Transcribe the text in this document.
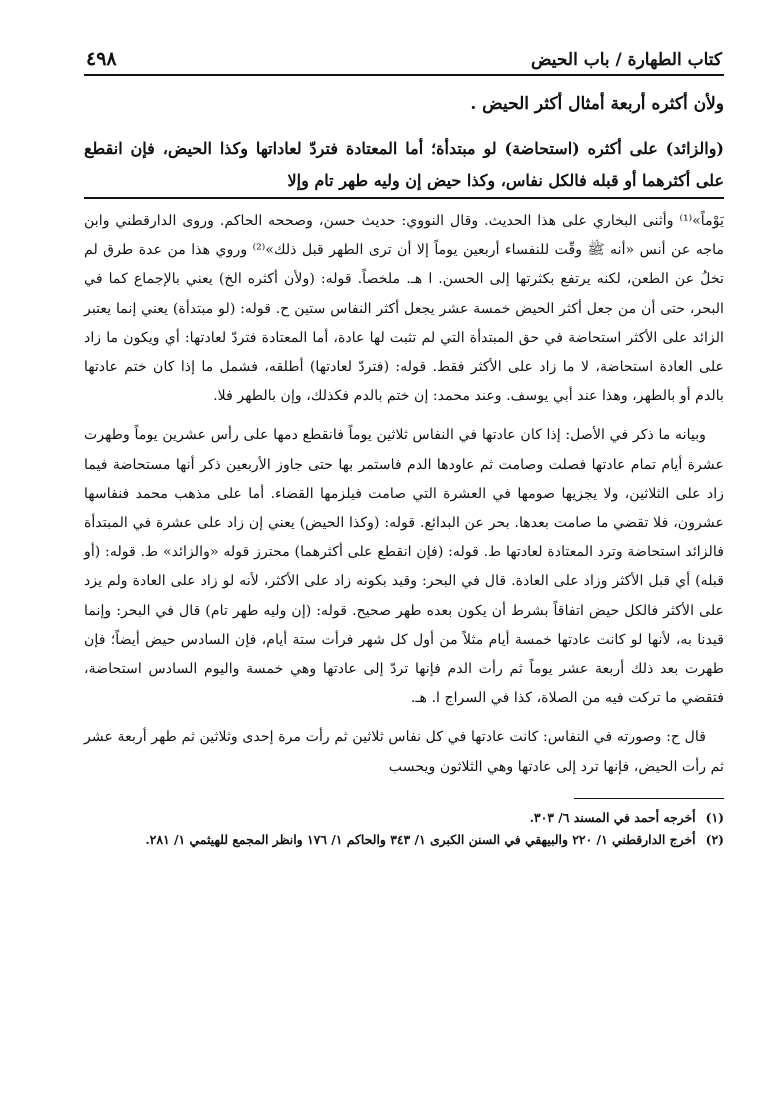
كتاب الطهارة / باب الحيض
٤٩٨
ولأن أكثره أربعة أمثال أكثر الحيض .
(والزائد) على أكثره (استحاضة) لو مبتدأة؛ أما المعتادة فتردّ لعاداتها وكذا الحيض، فإن انقطع على أكثرهما أو قبله فالكل نفاس، وكذا حيض إن وليه طهر تام وإلا

يَوْماً»⁽¹⁾ وأثنى البخاري على هذا الحديث. وقال النووي: حديث حسن، وصححه الحاكم. وروى الدارقطني وابن ماجه عن أنس «أنه ﷺ وقّت للنفساء أربعين يوماً إلا أن ترى الطهر قبل ذلك»⁽²⁾ وروي هذا من عدة طرق لم تخلُ عن الطعن، لكنه يرتفع بكثرتها إلى الحسن. ا هـ. ملخصاً. قوله: (ولأن أكثره الخ) يعني بالإجماع كما في البحر، حتى أن من جعل أكثر الحيض خمسة عشر يجعل أكثر النفاس ستين ح. قوله: (لو مبتدأة) يعني إنما يعتبر الزائد على الأكثر استحاضة في حق المبتدأة التي لم تثبت لها عادة، أما المعتادة فتردّ لعادتها: أي ويكون ما زاد على العادة استحاضة، لا ما زاد على الأكثر فقط. قوله: (فتردّ لعادتها) أطلقه، فشمل ما إذا كان ختم عادتها بالدم أو بالطهر، وهذا عند أبي يوسف. وعند محمد: إن ختم بالدم فكذلك، وإن بالطهر فلا.

وبيانه ما ذكر في الأصل: إذا كان عادتها في النفاس ثلاثين يوماً فانقطع دمها على رأس عشرين يوماً وطهرت عشرة أيام تمام عادتها فصلت وصامت ثم عاودها الدم فاستمر بها حتى جاوز الأربعين ذكر أنها مستحاضة فيما زاد على الثلاثين، ولا يجزيها صومها في العشرة التي صامت فيلزمها القضاء. أما على مذهب محمد فنفاسها عشرون، فلا تقضي ما صامت بعدها. بحر عن البدائع. قوله: (وكذا الحيض) يعني إن زاد على عشرة في المبتدأة فالزائد استحاضة وترد المعتادة لعادتها ط. قوله: (فإن انقطع على أكثرهما) محترز قوله «والزائد» ط. قوله: (أو قبله) أي قبل الأكثر وزاد على العادة. قال في البحر: وقيد بكونه زاد على الأكثر، لأنه لو زاد على العادة ولم يزد على الأكثر فالكل حيض اتفاقاً بشرط أن يكون بعده طهر صحيح. قوله: (إن وليه طهر تام) قال في البحر: وإنما قيدنا به، لأنها لو كانت عادتها خمسة أيام مثلاً من أول كل شهر فرأت ستة أيام، فإن السادس حيض أيضاً؛ فإن طهرت بعد ذلك أربعة عشر يوماً ثم رأت الدم فإنها تردّ إلى عادتها وهي خمسة واليوم السادس استحاضة، فتقضي ما تركت فيه من الصلاة، كذا في السراج ا. هـ.

قال ح: وصورته في النفاس: كانت عادتها في كل نفاس ثلاثين ثم رأت مرة إحدى وثلاثين ثم طهر أربعة عشر ثم رأت الحيض، فإنها ترد إلى عادتها وهي الثلاثون ويحسب

(١)
أخرجه أحمد في المسند ٦/ ٣٠٣.
(٢)
أخرج الدارقطني ١/ ٢٢٠ والبيهقي في السنن الكبرى ١/ ٣٤٣ والحاكم ١/ ١٧٦ وانظر المجمع للهيثمي ١/ ٢٨١.
